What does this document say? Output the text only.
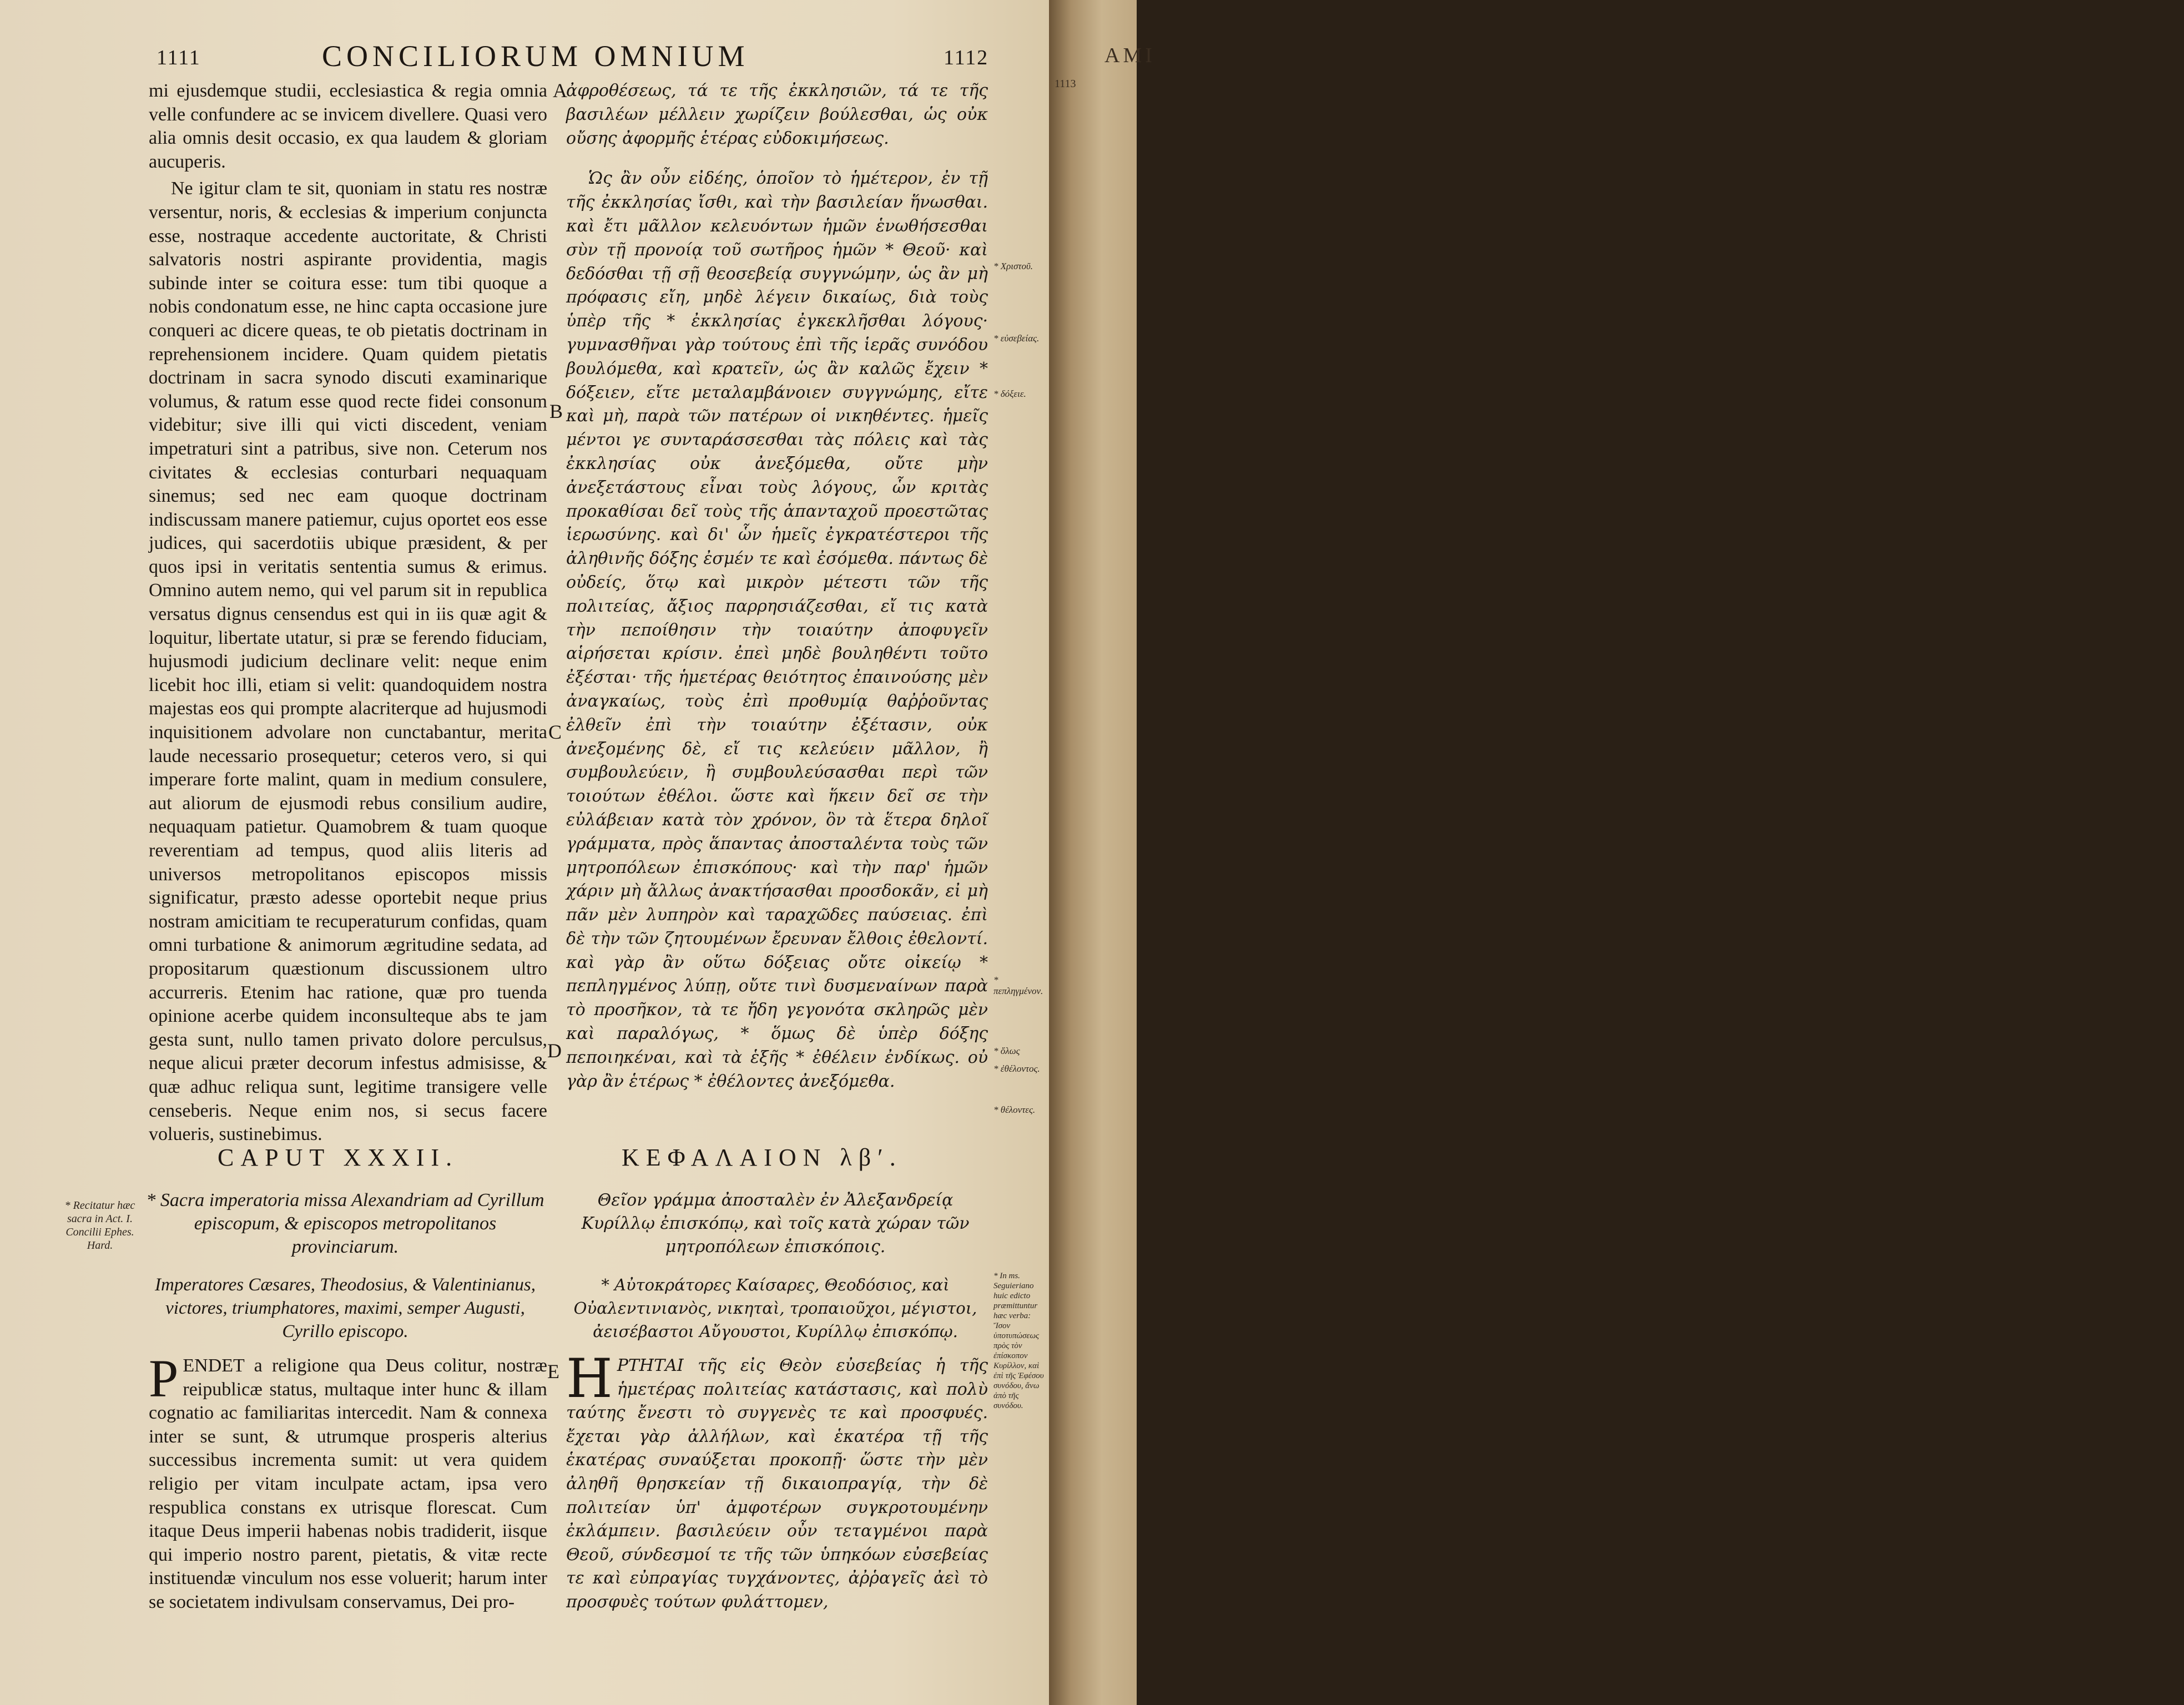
1111	CONCILIORUM OMNIUM	1112

mi ejusdemque studii, ecclesiastica & regia omnia velle confundere ac se invicem divellere. Quasi vero alia omnis desit occasio, ex qua laudem & gloriam aucuperis.

Ne igitur clam te sit, quoniam in statu res nostræ versentur, noris, & ecclesias & imperium conjuncta esse, nostraque accedente auctoritate, & Christi salvatoris nostri aspirante providentia, magis subinde inter se coitura esse: tum tibi quoque a nobis condonatum esse, ne hinc capta occasione jure conqueri ac dicere queas, te ob pietatis doctrinam in reprehensionem incidere. Quam quidem pietatis doctrinam in sacra synodo discuti examinarique volumus, & ratum esse quod recte fidei consonum videbitur; sive illi qui victi discedent, veniam impetraturi sint a patribus, sive non. Ceterum nos civitates & ecclesias conturbari nequaquam sinemus; sed nec eam quoque doctrinam indiscussam manere patiemur, cujus oportet eos esse judices, qui sacerdotiis ubique præsident, & per quos ipsi in veritatis sententia sumus & erimus. Omnino autem nemo, qui vel parum sit in republica versatus dignus censendus est qui in iis quæ agit & loquitur, libertate utatur, si præ se ferendo fiduciam, hujusmodi judicium declinare velit: neque enim licebit hoc illi, etiam si velit: quandoquidem nostra majestas eos qui prompte alacriterque ad hujusmodi inquisitionem advolare non cunctabantur, merita laude necessario prosequetur; ceteros vero, si qui imperare forte malint, quam in medium consulere, aut aliorum de ejusmodi rebus consilium audire, nequaquam patietur. Quamobrem & tuam quoque reverentiam ad tempus, quod aliis literis ad universos metropolitanos episcopos missis significatur, præsto adesse oportebit neque prius nostram amicitiam te recuperaturum confidas, quam omni turbatione & animorum ægritudine sedata, ad propositarum quæstionum discussionem ultro accurreris. Etenim hac ratione, quæ pro tuenda opinione acerbe quidem inconsulteque abs te jam gesta sunt, nullo tamen privato dolore perculsus, neque alicui præter decorum infestus admisisse, & quæ adhuc reliqua sunt, legitime transigere velle censeberis. Neque enim nos, si secus facere volueris, sustinebimus.

ἀφροθέσεως, τά τε τῆς ἐκκλησιῶν, τά τε τῆς βασιλέων μέλλειν χωρίζειν βούλεσθαι, ὡς οὐκ οὔσης ἀφορμῆς ἑτέρας εὐδοκιμήσεως.

Ὡς ἂν οὖν εἰδέης, ὁποῖον τὸ ἡμέτερον, ἐν τῇ τῆς ἐκκλησίας ἴσθι, καὶ τὴν βασιλείαν ἥνωσθαι. καὶ ἔτι μᾶλλον κελευόντων ἡμῶν ἑνωθήσεσθαι σὺν τῇ προνοίᾳ τοῦ σωτῆρος ἡμῶν * Θεοῦ· καὶ δεδόσθαι τῇ σῇ θεοσεβείᾳ συγγνώμην, ὡς ἂν μὴ πρόφασις εἴη, μηδὲ λέγειν δικαίως, διὰ τοὺς ὑπὲρ τῆς * ἐκκλησίας ἐγκεκλῆσθαι λόγους· γυμνασθῆναι γὰρ τούτους ἐπὶ τῆς ἱερᾶς συνόδου βουλόμεθα, καὶ κρατεῖν, ὡς ἂν καλῶς ἔχειν * δόξειεν, εἴτε μεταλαμβάνοιεν συγγνώμης, εἴτε καὶ μὴ, παρὰ τῶν πατέρων οἱ νικηθέντες. ἡμεῖς μέντοι γε συνταράσσεσθαι τὰς πόλεις καὶ τὰς ἐκκλησίας οὐκ ἀνεξόμεθα, οὔτε μὴν ἀνεξετάστους εἶναι τοὺς λόγους, ὧν κριτὰς προκαθίσαι δεῖ τοὺς τῆς ἁπανταχοῦ προεστῶτας ἱερωσύνης. καὶ δι' ὧν ἡμεῖς ἐγκρατέστεροι τῆς ἀληθινῆς δόξης ἐσμέν τε καὶ ἐσόμεθα. πάντως δὲ οὐδείς, ὅτῳ καὶ μικρὸν μέτεστι τῶν τῆς πολιτείας, ἄξιος παρρησιάζεσθαι, εἴ τις κατὰ τὴν πεποίθησιν τὴν τοιαύτην ἀποφυγεῖν αἱρήσεται κρίσιν. ἐπεὶ μηδὲ βουληθέντι τοῦτο ἐξέσται· τῆς ἡμετέρας θειότητος ἐπαινούσης μὲν ἀναγκαίως, τοὺς ἐπὶ προθυμίᾳ θαῤῥοῦντας ἐλθεῖν ἐπὶ τὴν τοιαύτην ἐξέτασιν, οὐκ ἀνεξομένης δὲ, εἴ τις κελεύειν μᾶλλον, ἢ συμβουλεύειν, ἢ συμβουλεύσασθαι περὶ τῶν τοιούτων ἐθέλοι. ὥστε καὶ ἥκειν δεῖ σε τὴν εὐλάβειαν κατὰ τὸν χρόνον, ὃν τὰ ἕτερα δηλοῖ γράμματα, πρὸς ἅπαντας ἀποσταλέντα τοὺς τῶν μητροπόλεων ἐπισκόπους· καὶ τὴν παρ' ἡμῶν χάριν μὴ ἄλλως ἀνακτήσασθαι προσδοκᾶν, εἰ μὴ πᾶν μὲν λυπηρὸν καὶ ταραχῶδες παύσειας. ἐπὶ δὲ τὴν τῶν ζητουμένων ἔρευναν ἔλθοις ἐθελοντί. καὶ γὰρ ἂν οὕτω δόξειας οὔτε οἰκείῳ * πεπληγμένος λύπῃ, οὔτε τινὶ δυσμεναίνων παρὰ τὸ προσῆκον, τὰ τε ἤδη γεγονότα σκληρῶς μὲν καὶ παραλόγως, * ὅμως δὲ ὑπὲρ δόξης πεποιηκέναι, καὶ τὰ ἑξῆς * ἐθέλειν ἐνδίκως. οὐ γὰρ ἂν ἑτέρως * ἐθέλοντες ἀνεξόμεθα.

A
B
C
D
E
* Χριστοῦ.
* εὐσεβείας.
* δόξειε.
* πεπληγμένον.
* ὅλως
* ἐθέλοντος.
* θέλοντες.
* In ms. Seguieriano huic edicto præmittuntur hæc verba: Ἴσον ὑποτυπώσεως πρὸς τὸν ἐπίσκοπον Κυρίλλον, καὶ ἐπὶ τῆς Ἐφέσου συνόδου, ἄνω ἀπὸ τῆς συνόδου.
* Recitatur hæc sacra in Act. I. Concilii Ephes. Hard.
CAPUT XXXII.	ΚΕΦΑΛΑΙΟΝ λβʹ.
* Sacra imperatoria missa Alexandriam ad Cyrillum episcopum, & episcopos metropolitanos provinciarum.
Θεῖον γράμμα ἀποσταλὲν ἐν Ἀλεξανδρείᾳ Κυρίλλῳ ἐπισκόπῳ, καὶ τοῖς κατὰ χώραν τῶν μητροπόλεων ἐπισκόποις.
Imperatores Cæsares, Theodosius, & Valentinianus, victores, triumphatores, maximi, semper Augusti, Cyrillo episcopo.
* Αὐτοκράτορες Καίσαρες, Θεοδόσιος, καὶ Οὐαλεντινιανὸς, νικηταὶ, τροπαιοῦχοι, μέγιστοι, ἀεισέβαστοι Αὔγουστοι, Κυρίλλῳ ἐπισκόπῳ.

PENDET a religione qua Deus colitur, nostræ reipublicæ status, multaque inter hunc & illam cognatio ac familiaritas intercedit. Nam & connexa inter se sunt, & utrumque prosperis alterius successibus incrementa sumit: ut vera quidem religio per vitam inculpate actam, ipsa vero respublica constans ex utrisque florescat. Cum itaque Deus imperii habenas nobis tradiderit, iisque qui imperio nostro parent, pietatis, & vitæ recte instituendæ vinculum nos esse voluerit; harum inter se societatem indivulsam conservamus, Dei pro-

ΗΡΤΗΤΑΙ τῆς εἰς Θεὸν εὐσεβείας ἡ τῆς ἡμετέρας πολιτείας κατάστασις, καὶ πολὺ ταύτης ἔνεστι τὸ συγγενὲς τε καὶ προσφυές. ἔχεται γὰρ ἀλλήλων, καὶ ἑκατέρα τῇ τῆς ἑκατέρας συναύξεται προκοπῇ· ὥστε τὴν μὲν ἀληθῆ θρησκείαν τῇ δικαιοπραγίᾳ, τὴν δὲ πολιτείαν ὑπ' ἀμφοτέρων συγκροτουμένην ἐκλάμπειν. βασιλεύειν οὖν τεταγμένοι παρὰ Θεοῦ, σύνδεσμοί τε τῆς τῶν ὑπηκόων εὐσεβείας τε καὶ εὐπραγίας τυγχάνοντες, ἀῤῥαγεῖς ἀεὶ τὸ προσφυὲς τούτων φυλάττομεν,

AMI
1113
